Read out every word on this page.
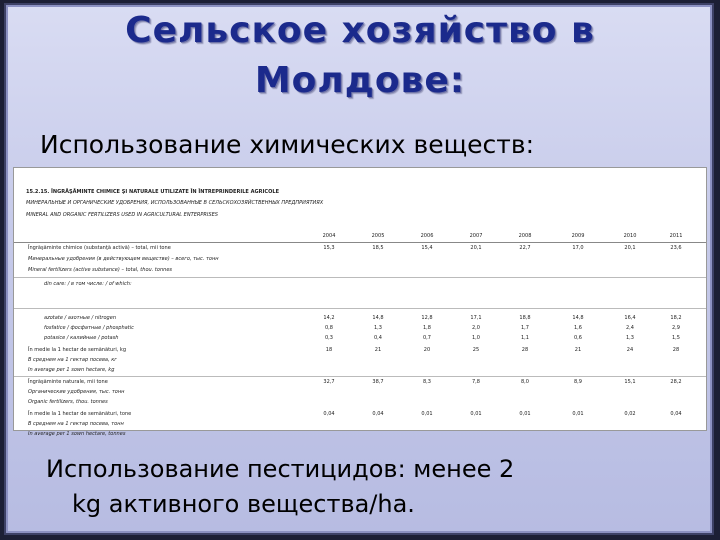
Сельское хозяйство в
Молдове:
Использование химических веществ:
15.2.15. ÎNGRĂŞĂMINTE CHIMICE ŞI NATURALE UTILIZATE ÎN ÎNTREPRINDERILE AGRICOLE
МИНЕРАЛЬНЫЕ И ОРГАНИЧЕСКИЕ УДОБРЕНИЯ, ИСПОЛЬЗОВАННЫЕ В СЕЛЬСКОХОЗЯЙСТВЕННЫХ ПРЕДПРИЯТИЯХ
MINERAL AND ORGANIC FERTILIZERS USED IN AGRICULTURAL ENTERPRISES
2004	2005	2006	2007	2008	2009	2010	2011
Îngrăşăminte chimice (substanţă activă) – total, mii tone	15,3	18,5	15,4	20,1	22,7	17,0	20,1	23,6
Минеральные удобрения (в действующем веществе) – всего, тыс. тонн
Mineral fertilizers (active substance) – total, thou. tonnes
din care: / в том числе: / of which:
azotate / азотные / nitrogen	14,2	14,8	12,8	17,1	18,8	14,8	16,4	18,2
fosfatice / фосфатные / phosphatic	0,8	1,3	1,8	2,0	1,7	1,6	2,4	2,9
potasice / калийные / potash	0,3	0,4	0,7	1,0	1,1	0,6	1,3	1,5
În medie la 1 hectar de semănături, kg	18	21	20	25	28	21	24	28
В среднем на 1 гектар посева, кг
In average per 1 sown hectare, kg
Îngrăşăminte naturale, mii tone	32,7	38,7	8,3	7,8	8,0	8,9	15,1	28,2
Органические удобрения, тыс. тонн
Organic fertilizers, thou. tonnes
În medie la 1 hectar de semănături, tone	0,04	0,04	0,01	0,01	0,01	0,01	0,02	0,04
В среднем на 1 гектар посева, тонн
In average per 1 sown hectare, tonnes

Использование пестицидов: менее 2
kg активного вещества/ha.
